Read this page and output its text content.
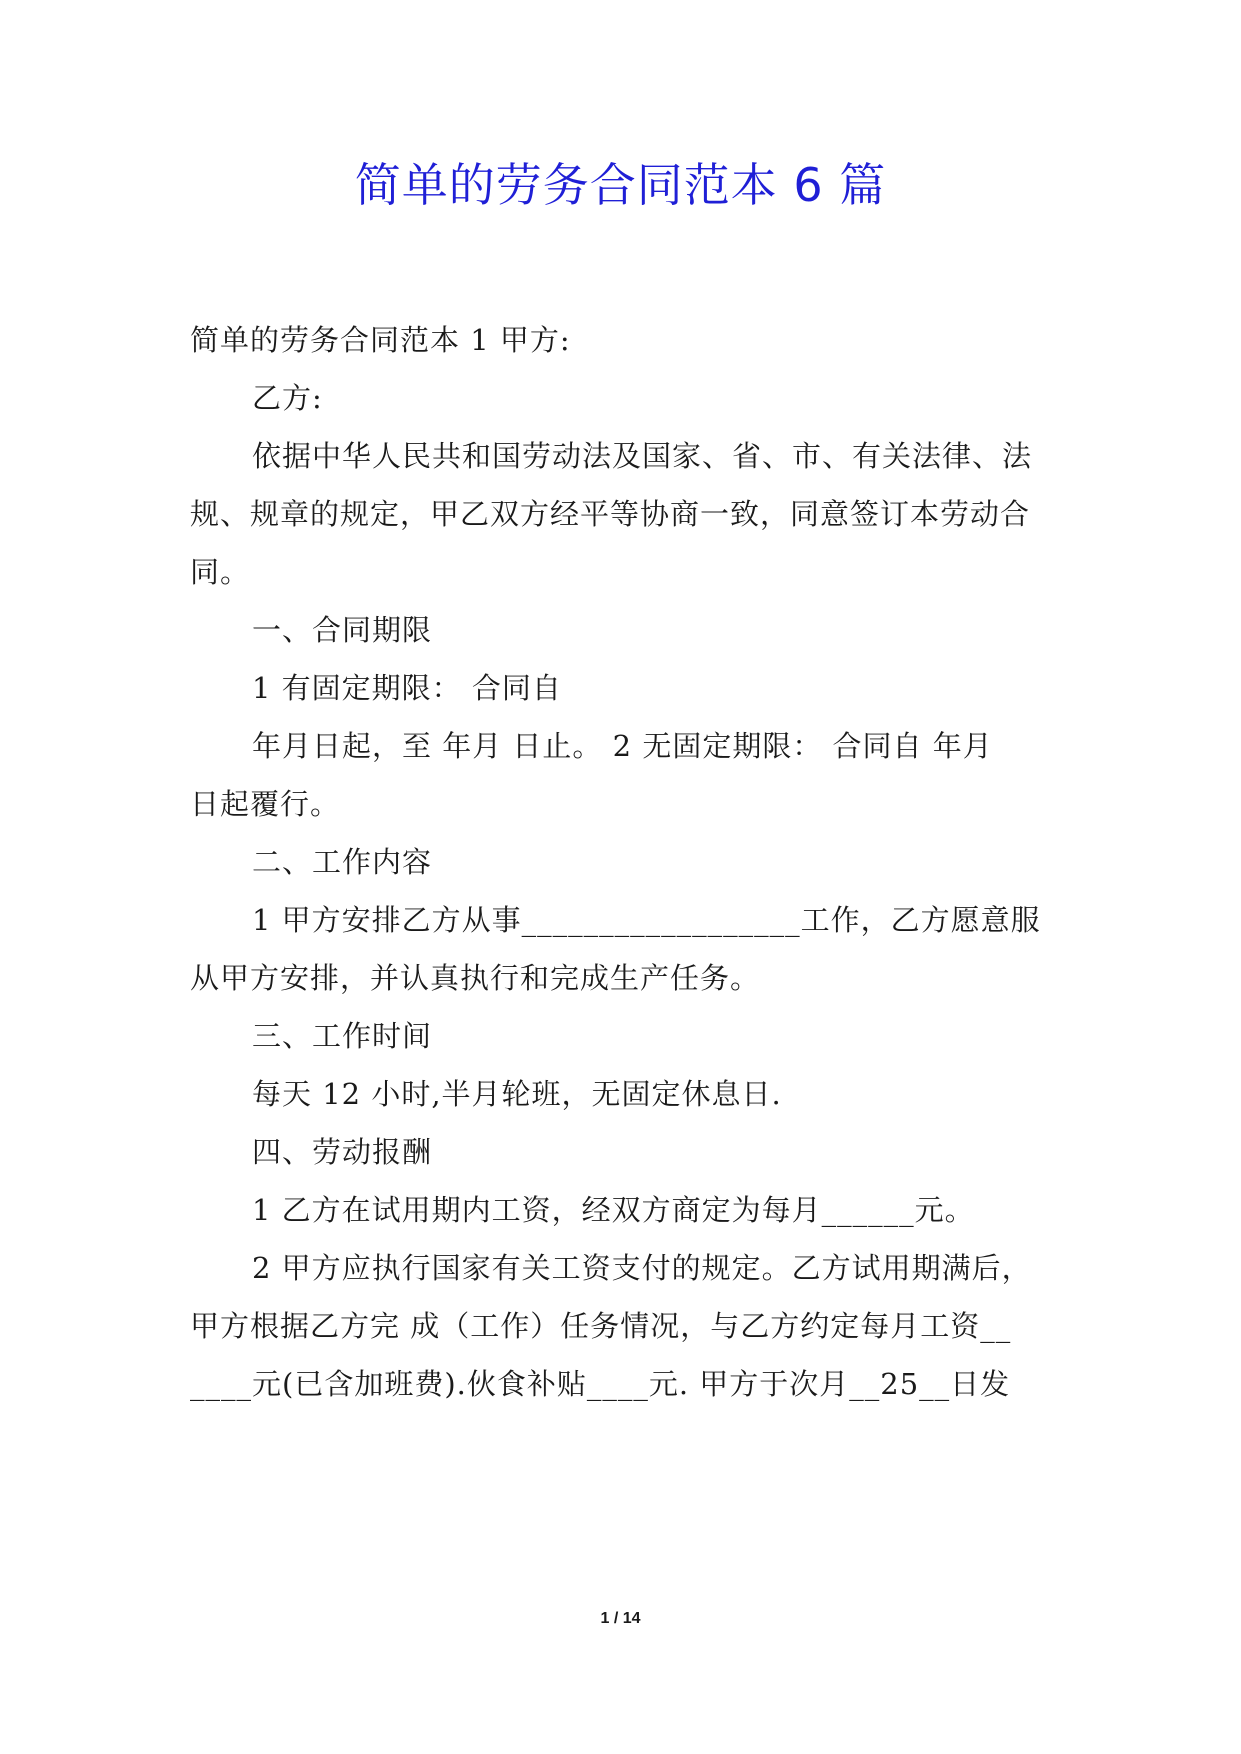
简单的劳务合同范本 6 篇
简单的劳务合同范本 1 甲方:
乙方:
依据中华人民共和国劳动法及国家、省、市、有关法律、法
规、规章的规定，甲乙双方经平等协商一致，同意签订本劳动合
同。
一、合同期限
1 有固定期限： 合同自
年月日起，至 年月 日止。 2 无固定期限： 合同自 年月
日起覆行。
二、工作内容
1 甲方安排乙方从事__________________工作，乙方愿意服
从甲方安排，并认真执行和完成生产任务。
三、工作时间
每天 12 小时,半月轮班，无固定休息日.
四、劳动报酬
1 乙方在试用期内工资，经双方商定为每月______元。
2 甲方应执行国家有关工资支付的规定。乙方试用期满后，
甲方根据乙方完 成（工作）任务情况，与乙方约定每月工资__
____元(已含加班费).伙食补贴____元. 甲方于次月__25__日发
1 / 14
